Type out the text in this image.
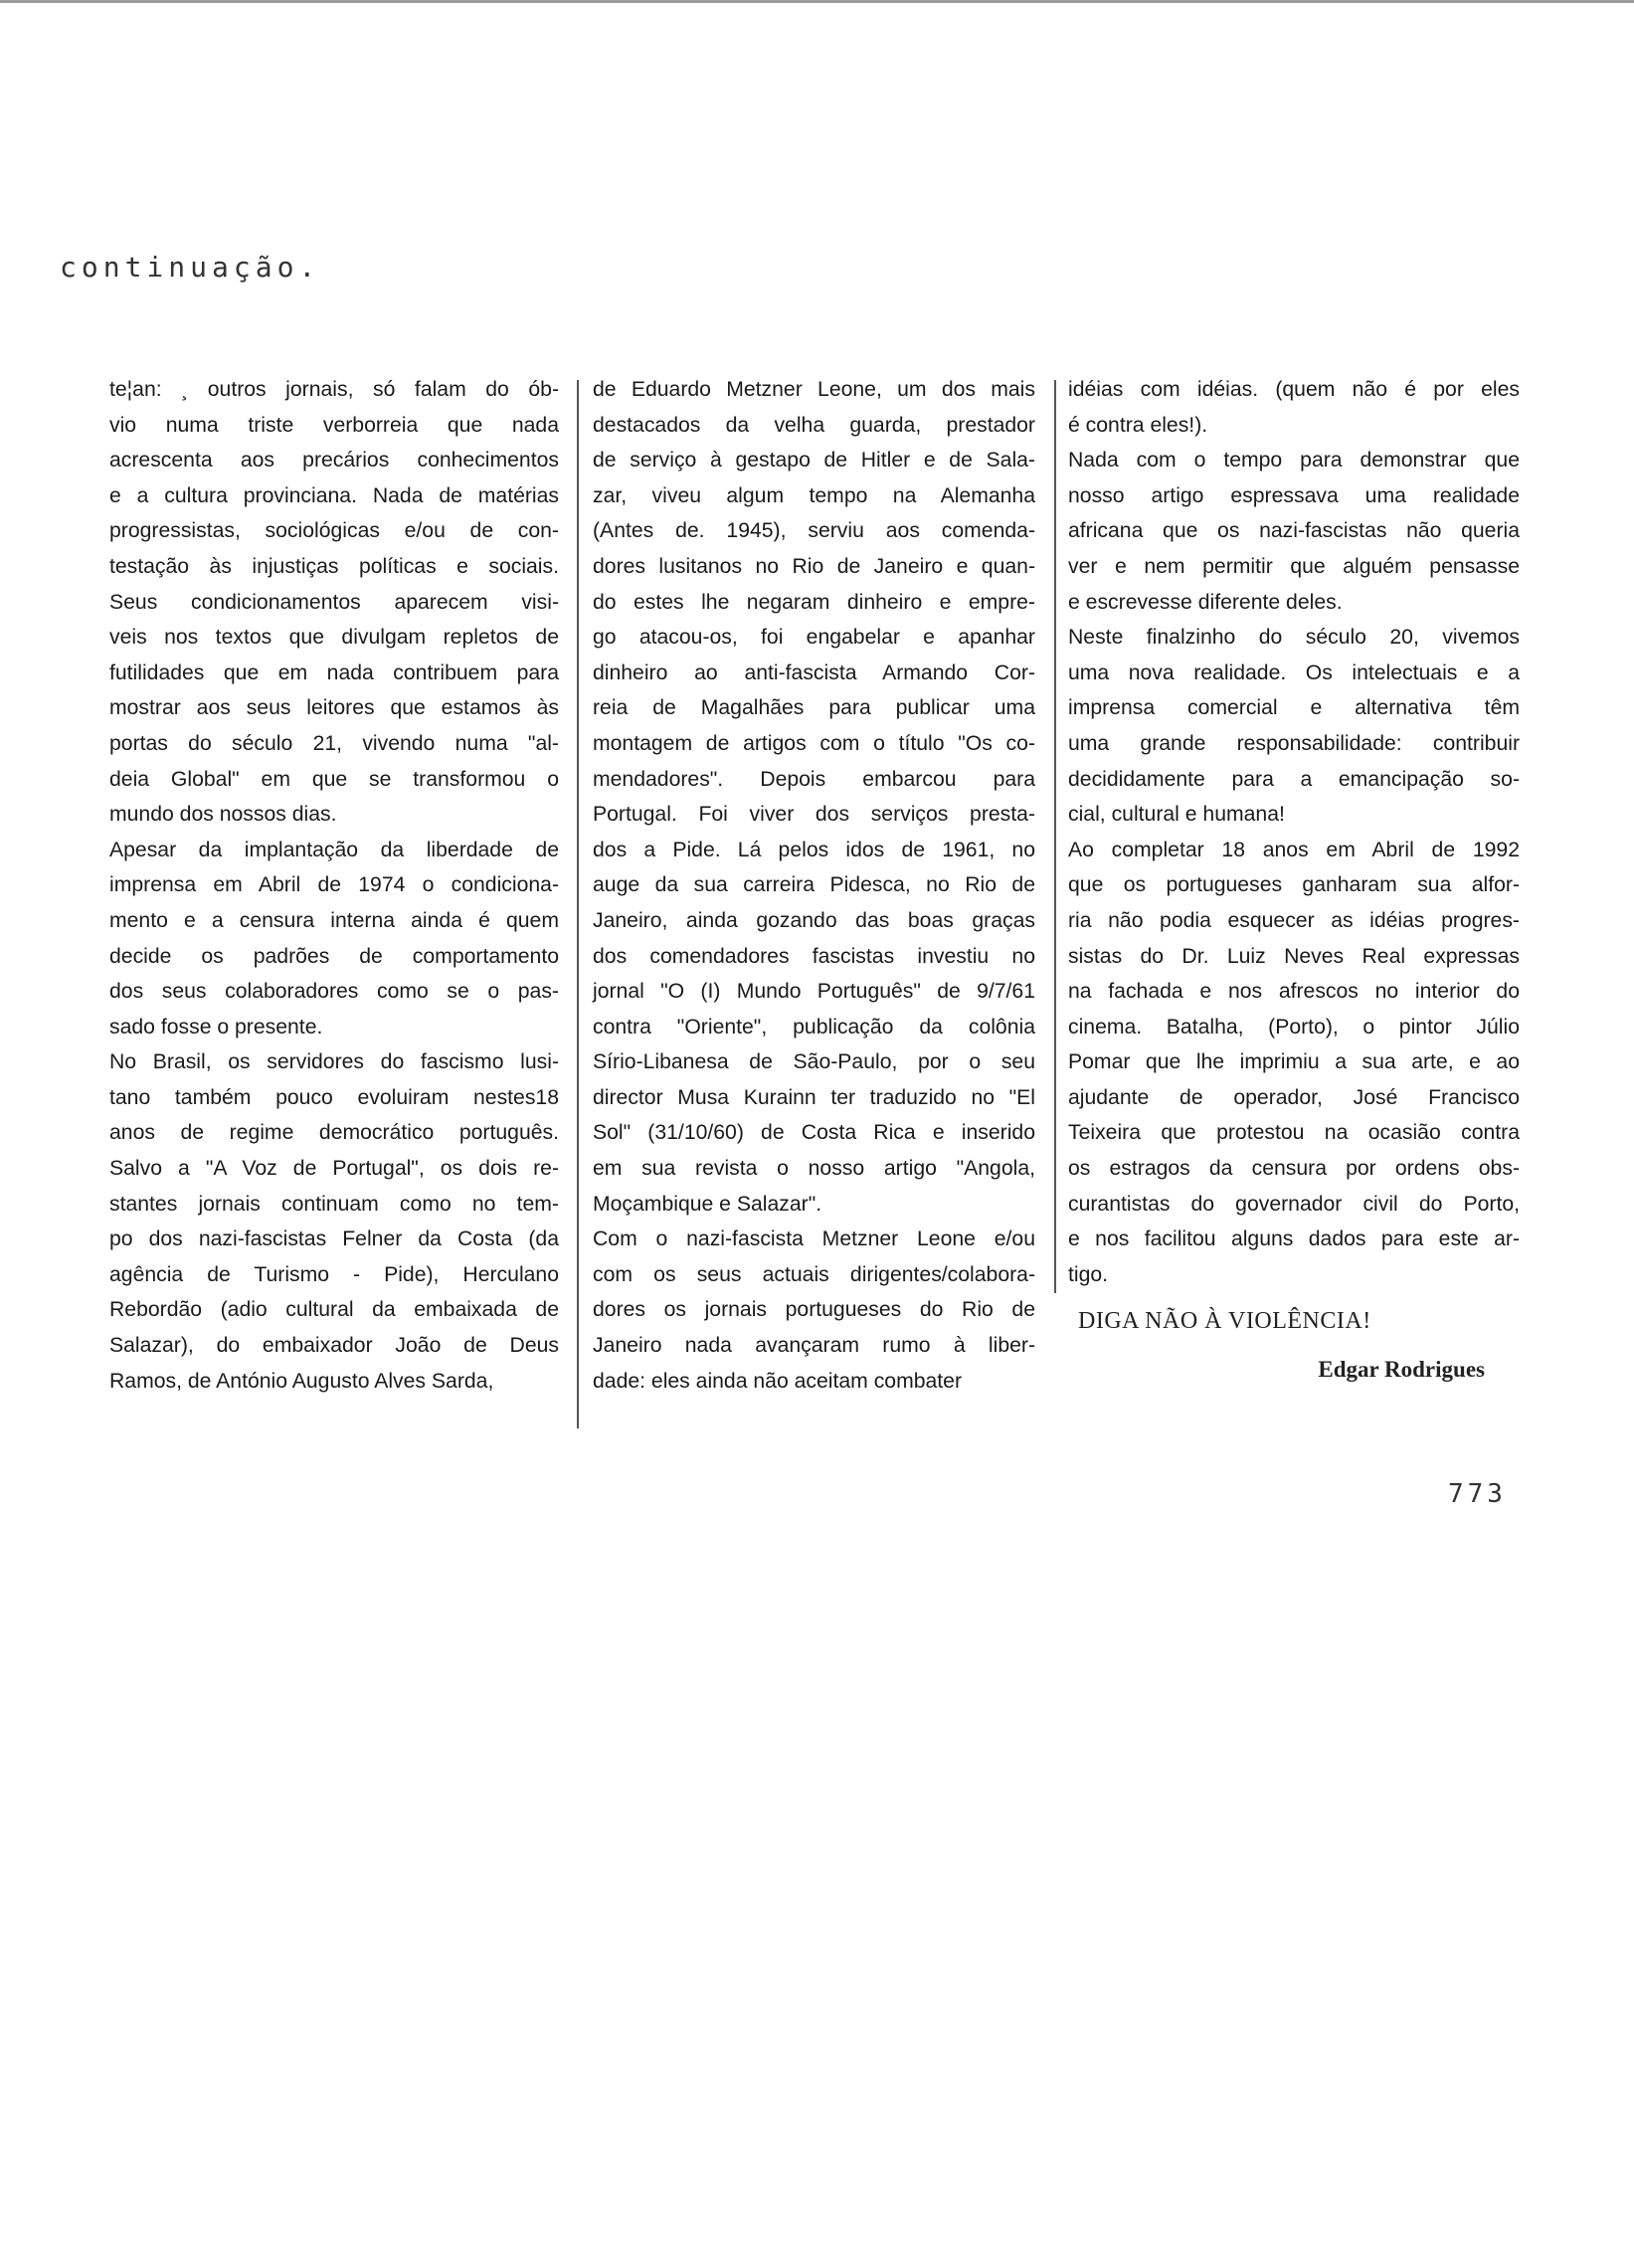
continuação.
te¦an: ¸ outros jornais, só falam do ób-
vio numa triste verborreia que nada
acrescenta aos precários conhecimentos
e a cultura provinciana. Nada de matérias
progressistas, sociológicas e/ou de con-
testação às injustiças políticas e sociais.
Seus condicionamentos aparecem visi-
veis nos textos que divulgam repletos de
futilidades que em nada contribuem para
mostrar aos seus leitores que estamos às
portas do século 21, vivendo numa "al-
deia Global" em que se transformou o
mundo dos nossos dias.
Apesar da implantação da liberdade de
imprensa em Abril de 1974 o condiciona-
mento e a censura interna ainda é quem
decide os padrões de comportamento
dos seus colaboradores como se o pas-
sado fosse o presente.
No Brasil, os servidores do fascismo lusi-
tano também pouco evoluiram nestes18
anos de regime democrático português.
Salvo a "A Voz de Portugal", os dois re-
stantes jornais continuam como no tem-
po dos nazi-fascistas Felner da Costa (da
agência de Turismo - Pide), Herculano
Rebordão (adio cultural da embaixada de
Salazar), do embaixador João de Deus
Ramos, de António Augusto Alves Sarda,
de Eduardo Metzner Leone, um dos mais
destacados da velha guarda, prestador
de serviço à gestapo de Hitler e de Sala-
zar, viveu algum tempo na Alemanha
(Antes de. 1945), serviu aos comenda-
dores lusitanos no Rio de Janeiro e quan-
do estes lhe negaram dinheiro e empre-
go atacou-os, foi engabelar e apanhar
dinheiro ao anti-fascista Armando Cor-
reia de Magalhães para publicar uma
montagem de artigos com o título "Os co-
mendadores". Depois embarcou para
Portugal. Foi viver dos serviços presta-
dos a Pide. Lá pelos idos de 1961, no
auge da sua carreira Pidesca, no Rio de
Janeiro, ainda gozando das boas graças
dos comendadores fascistas investiu no
jornal "O (I) Mundo Português" de 9/7/61
contra "Oriente", publicação da colônia
Sírio-Libanesa de São-Paulo, por o seu
director Musa Kurainn ter traduzido no "El
Sol" (31/10/60) de Costa Rica e inserido
em sua revista o nosso artigo "Angola,
Moçambique e Salazar".
Com o nazi-fascista Metzner Leone e/ou
com os seus actuais dirigentes/colabora-
dores os jornais portugueses do Rio de
Janeiro nada avançaram rumo à liber-
dade: eles ainda não aceitam combater
idéias com idéias. (quem não é por eles
é contra eles!).
Nada com o tempo para demonstrar que
nosso artigo espressava uma realidade
africana que os nazi-fascistas não queria
ver e nem permitir que alguém pensasse
e escrevesse diferente deles.
Neste finalzinho do século 20, vivemos
uma nova realidade. Os intelectuais e a
imprensa comercial e alternativa têm
uma grande responsabilidade: contribuir
decididamente para a emancipação so-
cial, cultural e humana!
Ao completar 18 anos em Abril de 1992
que os portugueses ganharam sua alfor-
ria não podia esquecer as idéias progres-
sistas do Dr. Luiz Neves Real expressas
na fachada e nos afrescos no interior do
cinema. Batalha, (Porto), o pintor Júlio
Pomar que lhe imprimiu a sua arte, e ao
ajudante de operador, José Francisco
Teixeira que protestou na ocasião contra
os estragos da censura por ordens obs-
curantistas do governador civil do Porto,
e nos facilitou alguns dados para este ar-
tigo.
DIGA NÃO À VIOLÊNCIA!
Edgar Rodrigues
773
